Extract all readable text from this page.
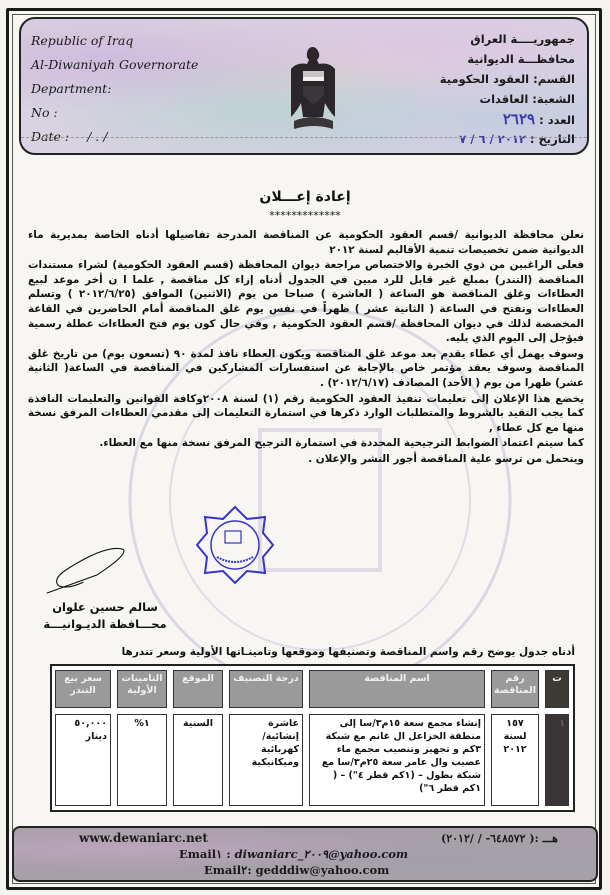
Republic of Iraq
Al-Diwaniyah Governorate
Department:
No :
Date : / . /
جمهوريــــة العراق
محافظـــة الديوانية
القسم: العقود الحكومية
الشعبة: العاقدات
العدد : ٢٦٢٩
التاريخ : ٢٠١٢ / ٦ / ٧
إعادة إعـــلان
*************
تعلن محافظة الديوانية /قسم العقود الحكومية عن المناقصة المدرجة تفاصيلها أدناه الخاصة بمديرية ماء الديوانية ضمن تخصيصات تنمية الأقاليم لسنة ٢٠١٢
فعلى الراغبين من ذوي الخبرة والاختصاص مراجعة ديوان المحافظة (قسم العقود الحكومية) لشراء مستندات المناقصة (التندر) بمبلغ غير قابل للرد مبين في الجدول أدناه إزاء كل مناقصة , علما ا ن أخر موعد لبيع العطاءات وغلق المناقصة هو الساعة ( العاشرة ) صباحا من يوم (الاثنين) الموافق (٢٠١٢/٦/٢٥ ) وتسلم العطاءات وتفتح في الساعة ( الثانية عشر ) ظهراً في نفس يوم غلق المناقصة أمام الحاضرين في القاعة المخصصة لذلك في ديوان المحافظة /قسم العقود الحكومية , وفي حال كون يوم فتح العطاءات عطلة رسمية فيؤجل إلى اليوم الذي يليه.
وسوف يهمل أي عطاء يقدم بعد موعد غلق المناقصة ويكون العطاء نافذ لمدة ٩٠ (تسعون يوم) من تاريخ غلق المناقصة وسوف يعقد مؤتمر خاص بالإجابة عن استفسارات المشاركين في المناقصة في الساعة( الثانية عشر) ظهرا من يوم ( الأحد) المصادف (٢٠١٢/٦/١٧) .
يخضع هذا الإعلان إلى تعليمات تنفيذ العقود الحكومية رقم (١) لسنة ٢٠٠٨وكافة القوانين والتعليمات النافذة كما يجب التقيد بالشروط والمتطلبات الوارد ذكرها في استمارة التعليمات إلى مقدمي العطاءات المرفق نسخة منها مع كل عطاء ,
كما سيتم اعتماد الضوابط الترجيحية المحددة في استمارة الترجيح المرفق نسخة منها مع العطاء.
ويتحمل من ترسو علية المناقصة أجور النشر والإعلان .
سالم حسين علوان
محـــافظة الديـوانيـــة
أدناه جدول يوضح رقم واسم المناقصة وتصنيفها وموقعها وتامينـاتها الأولية وسعر تندرها
ت
رقم المناقصة
اسم المناقصة
درجة التصنيف
الموقع
التامينات الأولية
سعر بيع التندر
١
١٥٧ لسنة ٢٠١٢
إنشاء مجمع سعة ١٥م٣/سا إلى منطقة الخزاعل ال غانم مع شبكة ٣كم و تجهيز وتنصيب مجمع ماء عصيب وال عامر سعة ٢٥م٣/سا مع شبكة بطول – (١كم قطر ٤") – ( ١كم قطر ٦")
عاشرة إنشائية/ كهربائية وميكانيكية
السنية
١%
٥٠,٠٠٠ دينار
www.dewaniarc.net	هـــ :( ٦٤٨٥٧٢- / /٢٠١٢)
Email١ : diwaniarc_٢٠٠٩@yahoo.com
Email٢: gedddiw@yahoo.com
